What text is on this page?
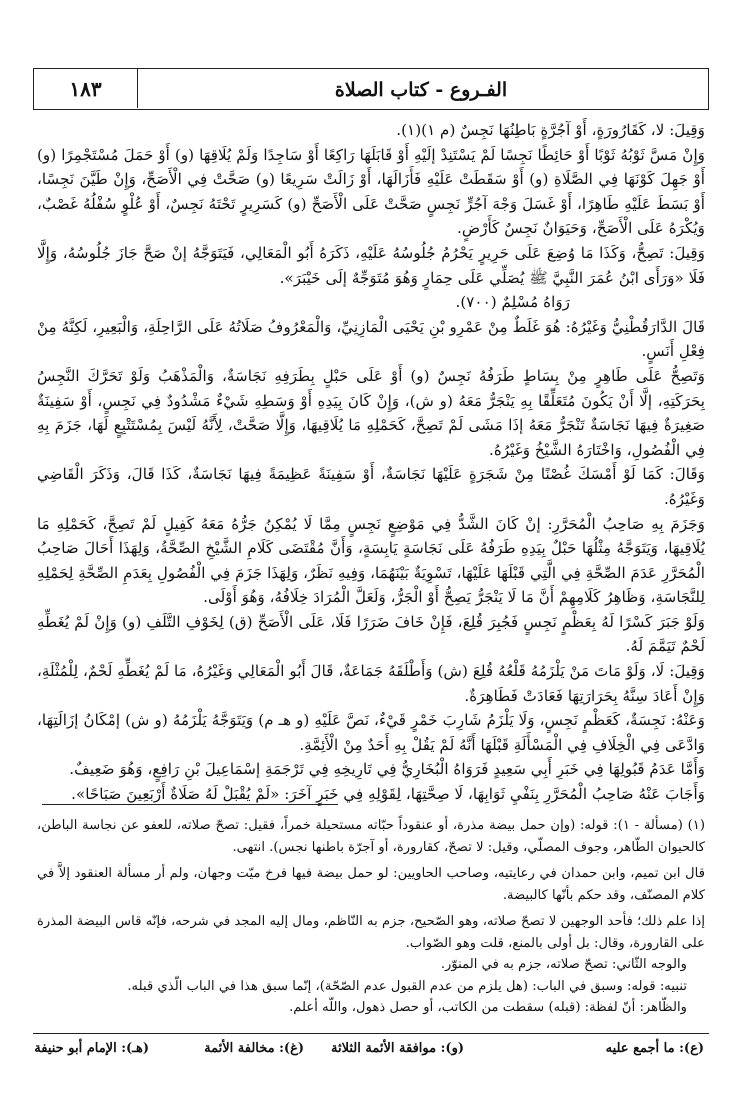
الفـروع - كتاب الصلاة
١٨٣

وَقِيلَ: لا، كَقَارُورَةٍ، أَوْ آجُرَّةٍ بَاطِنُهَا نَجِسٌ (م ١)(١).

وَإِنْ مَسَّ ثَوْبُهُ ثَوْبًا أَوْ حَائِطًا نَجِسًا لَمْ يَسْتَنِدْ إلَيْهِ أَوْ قَابَلَهَا رَاكِعًا أَوْ سَاجِدًا وَلَمْ يُلَاقِهَا (و) أَوْ حَمَلَ مُسْتَجْمِرًا (و) أَوْ جَهِلَ كَوْنَهَا فِي الصَّلَاةِ (و) أَوْ سَقَطَتْ عَلَيْهِ فَأَزَالَهَا، أَوْ زَالَتْ سَرِيعًا (و) صَحَّتْ فِي الْأَصَحِّ، وَإِنْ طَيَّنَ نَجِسًا، أَوْ بَسَطَ عَلَيْهِ طَاهِرًا، أَوْ غَسَلَ وَجْهَ آجُرٍّ نَجِسٍ صَحَّتْ عَلَى الْأَصَحِّ (و) كَسَرِيرٍ تَحْتَهُ نَجِسٌ، أَوْ عُلْوٍ سُفْلُهُ غَصْبٌ، وَيُكْرَهُ عَلَى الْأَصَحِّ، وَحَيَوَانٌ نَجِسٌ كَأَرْضٍ.

وَقِيلَ: تَصِحُّ، وَكَذَا مَا وُضِعَ عَلَى حَرِيرٍ يَحْرُمُ جُلُوسُهُ عَلَيْهِ، ذَكَرَهُ أَبُو الْمَعَالِي، فَيَتَوَجَّهُ إنْ صَحَّ جَازَ جُلُوسُهُ، وَإِلَّا فَلَا «وَرَأَى ابْنُ عُمَرَ النَّبِيَّ ﷺ يُصَلِّي عَلَى حِمَارٍ وَهُوَ مُتَوَجِّهٌ إلَى خَيْبَرَ».

رَوَاهُ مُسْلِمٌ (٧٠٠).

قَالَ الدَّارَقُطْنِيُّ وَغَيْرُهُ: هُوَ غَلَطٌ مِنْ عَمْرِو بْنِ يَحْيَى الْمَازِنِيِّ، وَالْمَعْرُوفُ صَلَاتُهُ عَلَى الرَّاحِلَةِ، وَالْبَعِيرِ، لَكِنَّهُ مِنْ فِعْلِ أَنَسٍ.

وَتَصِحُّ عَلَى طَاهِرٍ مِنْ بِسَاطٍ طَرَفُهُ نَجِسٌ (و) أَوْ عَلَى حَبْلٍ بِطَرَفِهِ نَجَاسَةٌ، وَالْمَذْهَبُ وَلَوْ تَحَرَّكَ النَّجِسُ بِحَرَكَتِهِ، إلَّا أَنْ يَكُونَ مُتَعَلِّقًا بِهِ يَنْجَرُّ مَعَهُ (و ش)، وَإِنْ كَانَ بِيَدِهِ أَوْ وَسَطِهِ شَيْءٌ مَشْدُودٌ فِي نَجِسٍ، أَوْ سَفِينَةٌ صَغِيرَةٌ فِيهَا نَجَاسَةٌ تَنْجَرُّ مَعَهُ إذَا مَشَى لَمْ تَصِحَّ، كَحَمْلِهِ مَا يُلَاقِيهَا، وَإِلَّا صَحَّتْ، لِأَنَّهُ لَيْسَ بِمُسْتَتْبِعٍ لَهَا، جَزَمَ بِهِ فِي الْفُصُولِ، وَاخْتَارَهُ الشَّيْخُ وَغَيْرُهُ.

وَقَالَ: كَمَا لَوْ أَمْسَكَ غُصْنًا مِنْ شَجَرَةٍ عَلَيْهَا نَجَاسَةٌ، أَوْ سَفِينَةً عَظِيمَةً فِيهَا نَجَاسَةٌ، كَذَا قَالَ، وَذَكَرَ الْقَاضِي وَغَيْرُهُ.

وَجَزَمَ بِهِ صَاحِبُ الْمُحَرَّرِ: إنْ كَانَ الشَّدُّ فِي مَوْضِعٍ نَجِسٍ مِمَّا لَا يُمْكِنُ جَرُّهُ مَعَهُ كَفِيلٍ لَمْ تَصِحَّ، كَحَمْلِهِ مَا يُلَاقِيهَا، وَيَتَوَجَّهُ مِثْلُهَا حَبْلٌ بِيَدِهِ طَرَفُهُ عَلَى نَجَاسَةٍ يَابِسَةٍ، وَأَنَّ مُقْتَضَى كَلَامِ الشَّيْخِ الصِّحَّةُ، وَلِهَذَا أَحَالَ صَاحِبُ الْمُحَرَّرِ عَدَمَ الصِّحَّةِ فِي الَّتِي قَبْلَهَا عَلَيْهَا، تَسْوِيَةٌ بَيْنَهُمَا، وَفِيهِ نَظَرٌ، وَلِهَذَا جَزَمَ فِي الْفُصُولِ بِعَدَمِ الصِّحَّةِ لِحَمْلِهِ لِلنَّجَاسَةِ، وَظَاهِرُ كَلَامِهِمْ أَنَّ مَا لَا يَنْجَرُّ يَصِحُّ أَوْ الْجَرُّ، وَلَعَلَّ الْمُرَادَ خِلَافُهُ، وَهُوَ أَوْلَى.

وَلَوْ جَبَرَ كَسْرًا لَهُ بِعَظْمٍ نَجِسٍ فَجُبِرَ قُلِعَ، فَإِنْ خَافَ ضَرَرًا فَلَا، عَلَى الْأَصَحِّ (ق) لِخَوْفِ التَّلَفِ (و) وَإِنْ لَمْ يُغَطِّهِ لَحْمٌ تَيَمَّمَ لَهُ.

وَقِيلَ: لَا، وَلَوْ مَاتَ مَنْ يَلْزَمُهُ قَلْعُهُ قُلِعَ (ش) وَأَطْلَقَهُ جَمَاعَةٌ، قَالَ أَبُو الْمَعَالِي وَغَيْرُهُ، مَا لَمْ يُغَطِّهِ لَحْمٌ، لِلْمُثْلَةِ، وَإِنْ أَعَادَ سِنَّهُ بِحَرَارَتِهَا فَعَادَتْ فَطَاهِرَةٌ.

وَعَنْهُ: نَجِسَةٌ، كَعَظْمٍ نَجِسٍ، وَلَا يَلْزَمُ شَارِبَ خَمْرٍ قَيْءٌ، نَصَّ عَلَيْهِ (و هـ م) وَيَتَوَجَّهُ يَلْزَمُهُ (و ش) إمْكَانُ إزَالَتِهَا، وَادَّعَى فِي الْخِلَافِ فِي الْمَسْأَلَةِ قَبْلَهَا أَنَّهُ لَمْ يَقُلْ بِهِ أَحَدٌ مِنْ الْأَئِمَّةِ.

وَأَمَّا عَدَمُ قَبُولِهَا فِي خَبَرِ أَبِي سَعِيدٍ فَرَوَاهُ الْبُخَارِيُّ فِي تَارِيخِهِ فِي تَرْجَمَةِ إسْمَاعِيلَ بْنِ رَافِعٍ، وَهُوَ ضَعِيفٌ.

وَأَجَابَ عَنْهُ صَاحِبُ الْمُحَرَّرِ بِنَفْيِ ثَوَابِهَا، لَا صِحَّتِهَا، لِقَوْلِهِ فِي خَبَرٍ آخَرَ: «لَمْ يُقْبَلْ لَهُ صَلَاةٌ أَرْبَعِينَ صَبَاحًا».

(١) (مسألة - ١): قوله: (وإن حمل بيضة مذرة، أو عنقوداً حبّاته مستحيلة خمراً، فقيل: تصحّ صلاته، للعفو عن نجاسة الباطن، كالحيوان الطّاهر، وجوف المصلّي، وقيل: لا تصحّ، كقارورة، أو آجرّة باطنها نجس). انتهى.

قال ابن تميم، وابن حمدان في رعايتيه، وصاحب الحاويين: لو حمل بيضة فيها فرخ ميّت وجهان، ولم أر مسألة العنقود إلاَّ في كلام المصنّف، وقد حكم بأنّها كالبيضة.

إذا علم ذلك؛ فأحد الوجهين لا تصحّ صلاته، وهو الصّحيح، جزم به النّاظم، ومال إليه المجد في شرحه، فإنّه قاس البيضة المذرة على القارورة، وقال: بل أولى بالمنع، قلت وهو الصّواب.

والوجه الثّاني: تصحّ صلاته، جزم به في المنوّر.

تنبيه: قوله: وسبق في الباب: (هل يلزم من عدم القبول عدم الصّحّة)، إنّما سبق هذا في الباب الّذي قبله.

والظّاهر: أنّ لفظة: (قبله) سقطت من الكاتب، أو حصل ذهول، واللّه أعلم.

(ع): ما أجمع عليه
(و): موافقة الأئمة الثلاثة
(غ): مخالفة الأئمة
(هـ): الإمام أبو حنيفة
